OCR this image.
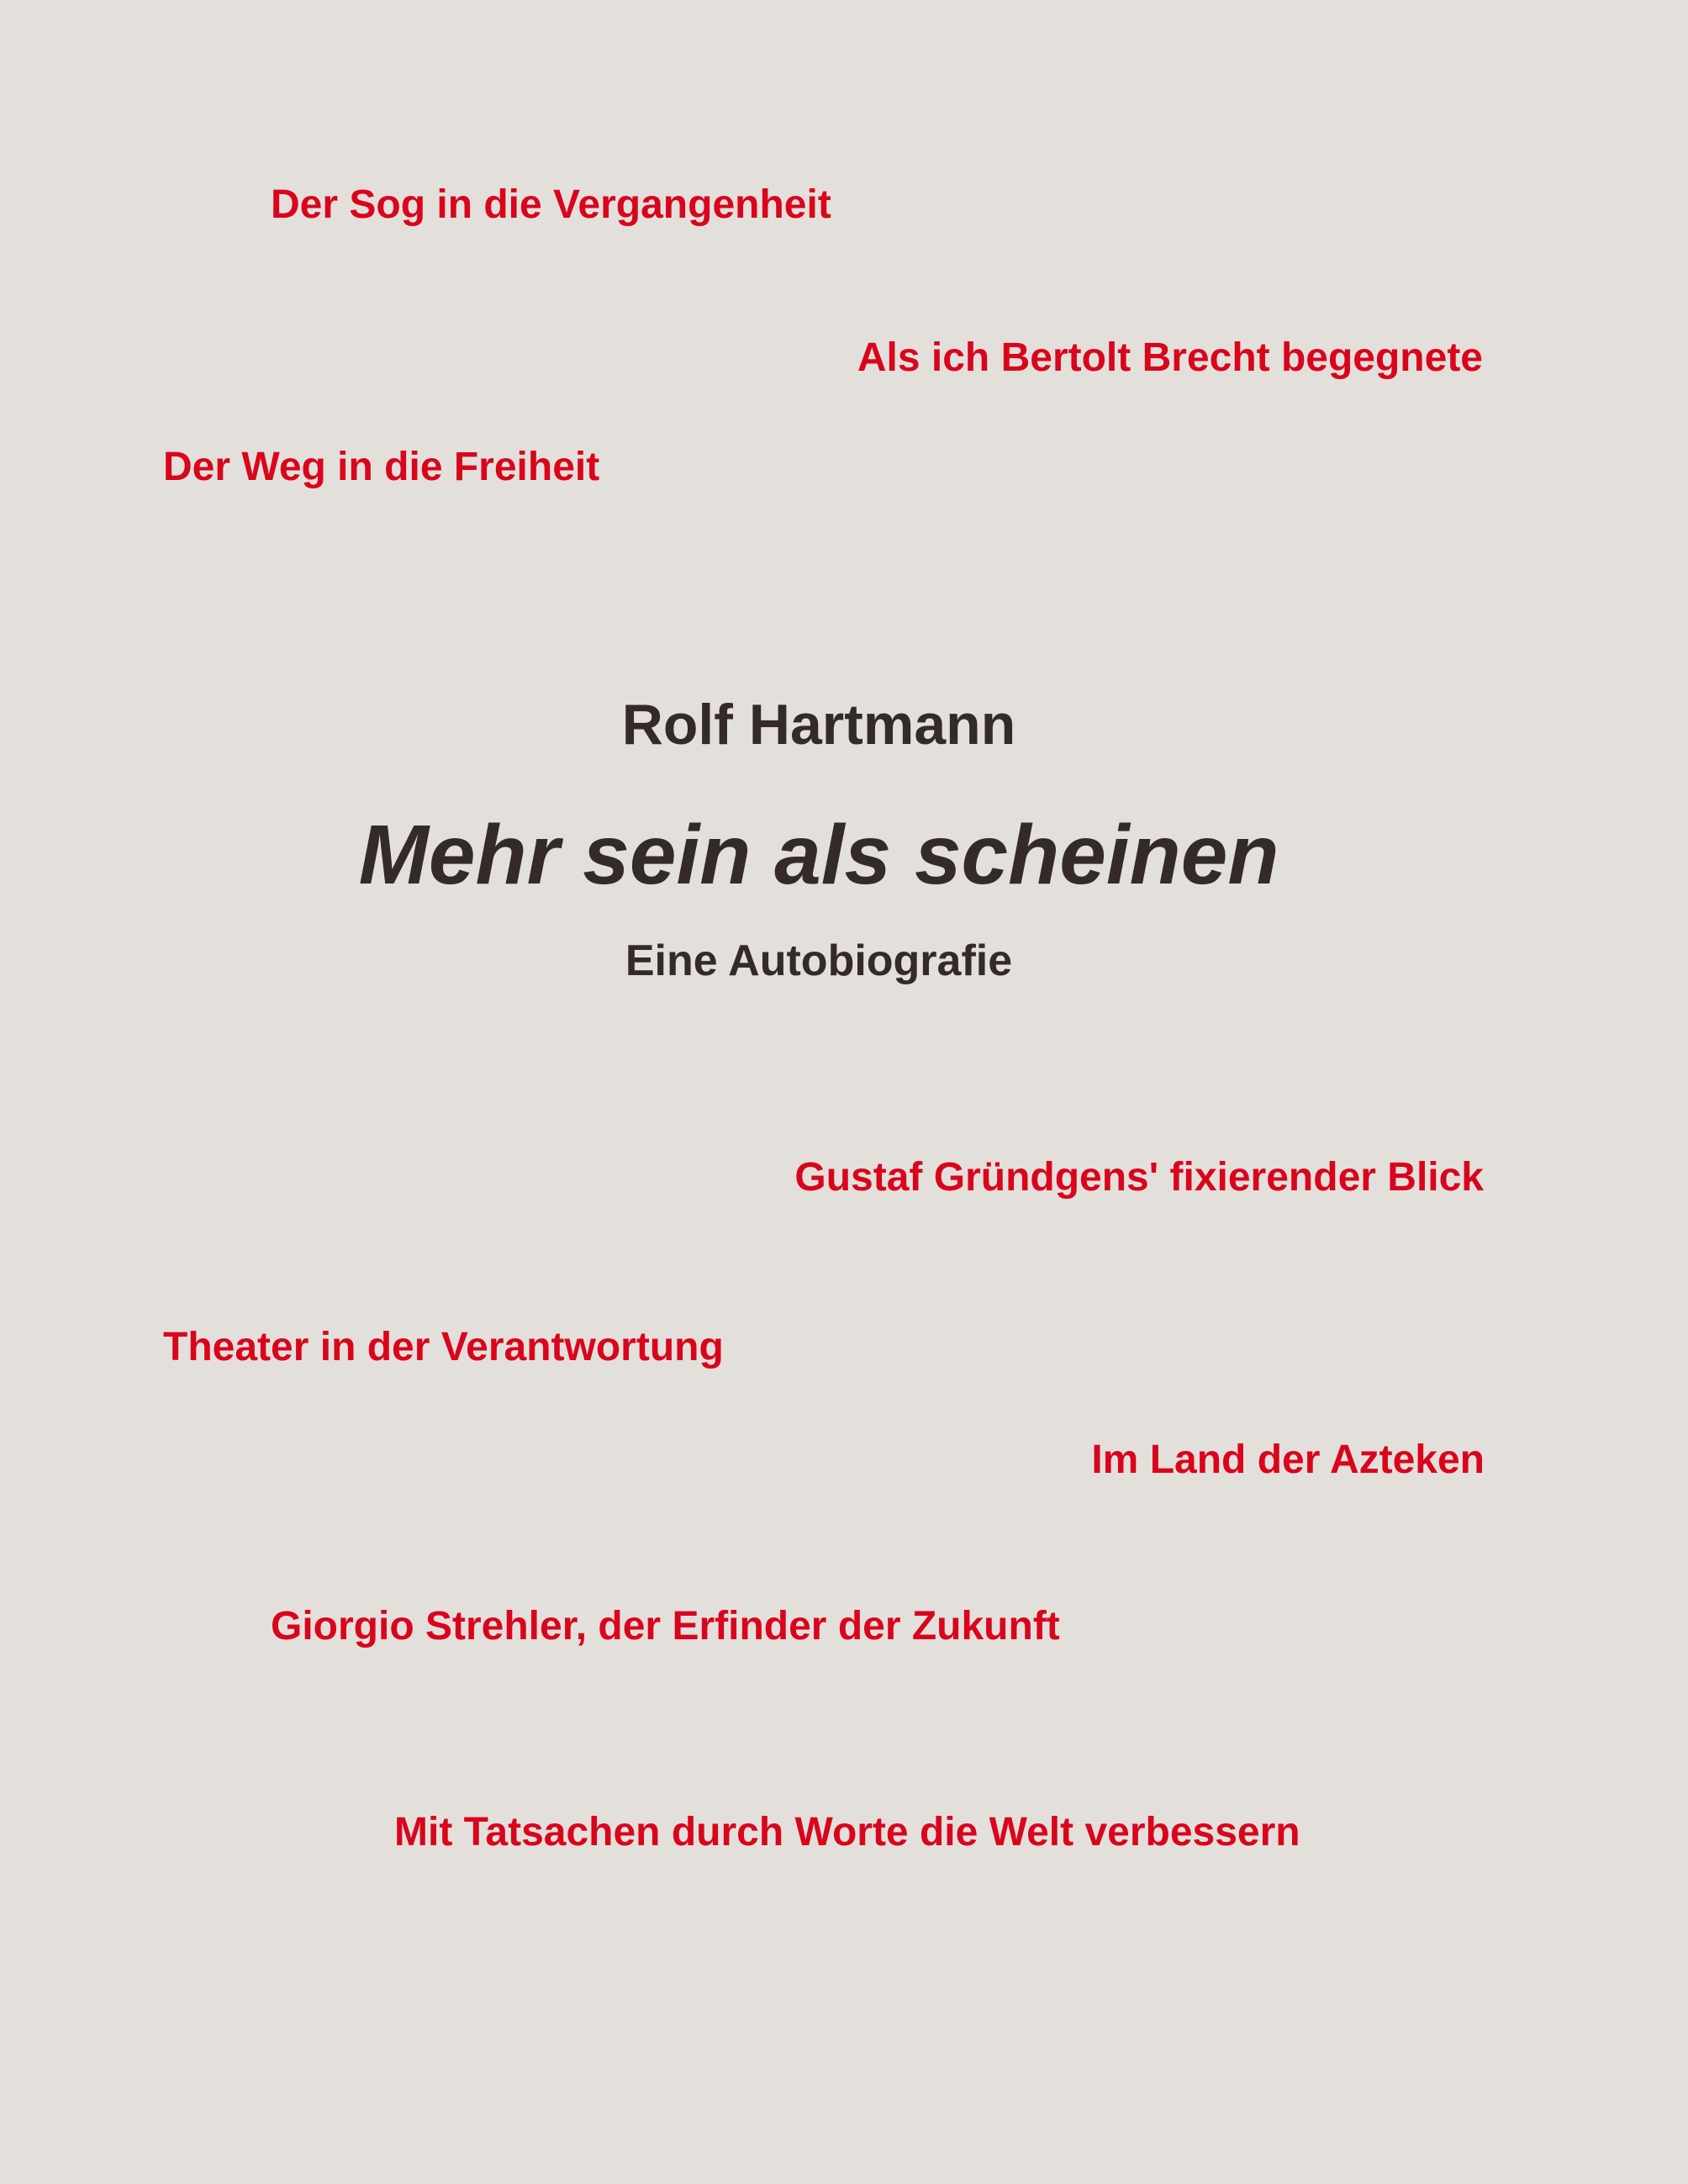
Der Sog in die Vergangenheit

Als ich Bertolt Brecht begegnete

Der Weg in die Freiheit

Rolf Hartmann
Mehr sein als scheinen
Eine Autobiografie

Gustaf Gründgens' fixierender Blick

Theater in der Verantwortung

Im Land der Azteken

Giorgio Strehler, der Erfinder der Zukunft

Mit Tatsachen durch Worte die Welt verbessern
